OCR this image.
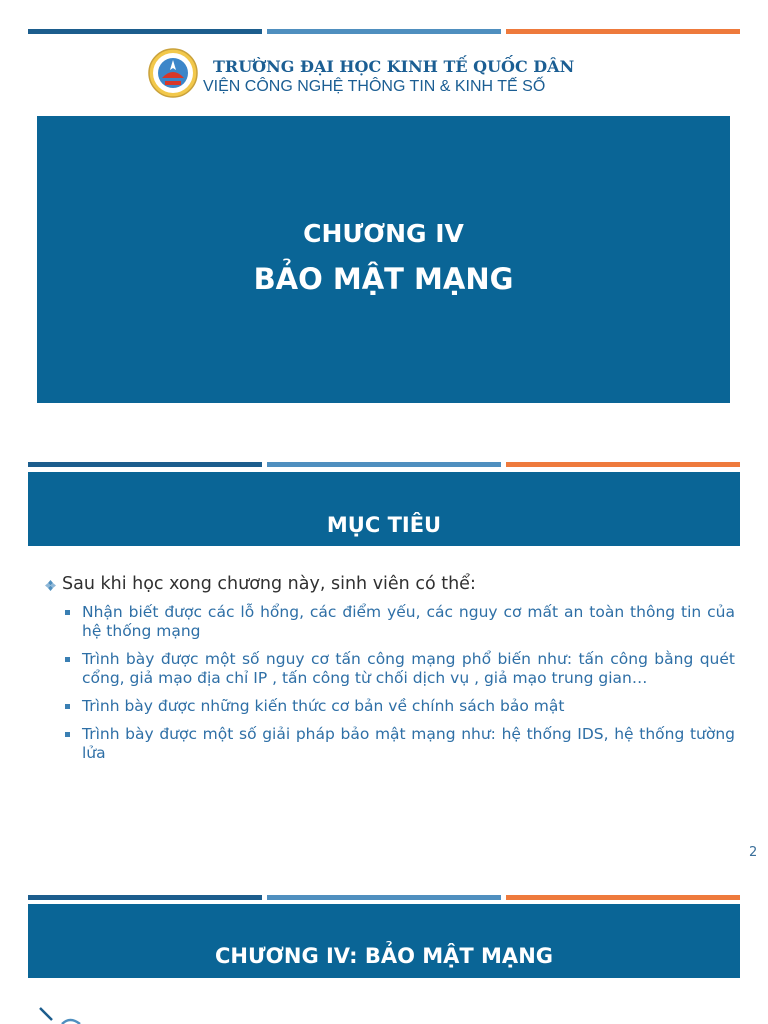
TRƯỜNG ĐẠI HỌC KINH TẾ QUỐC DÂN
VIỆN CÔNG NGHỆ THÔNG TIN & KINH TẾ SỐ
CHƯƠNG IV
BẢO MẬT MẠNG
MỤC TIÊU
Sau khi học xong chương này, sinh viên có thể:
Nhận biết được các lỗ hổng, các điểm yếu, các nguy cơ mất an toàn thông tin của hệ thống mạng
Trình bày được một số nguy cơ tấn công mạng phổ biến như: tấn công bằng quét cổng, giả mạo địa chỉ IP , tấn công từ chối dịch vụ , giả mạo trung gian…
Trình bày được những kiến thức cơ bản về chính sách bảo mật
Trình bày được một số giải pháp bảo mật mạng như: hệ thống IDS, hệ thống tường lửa
2
CHƯƠNG IV: BẢO MẬT MẠNG
